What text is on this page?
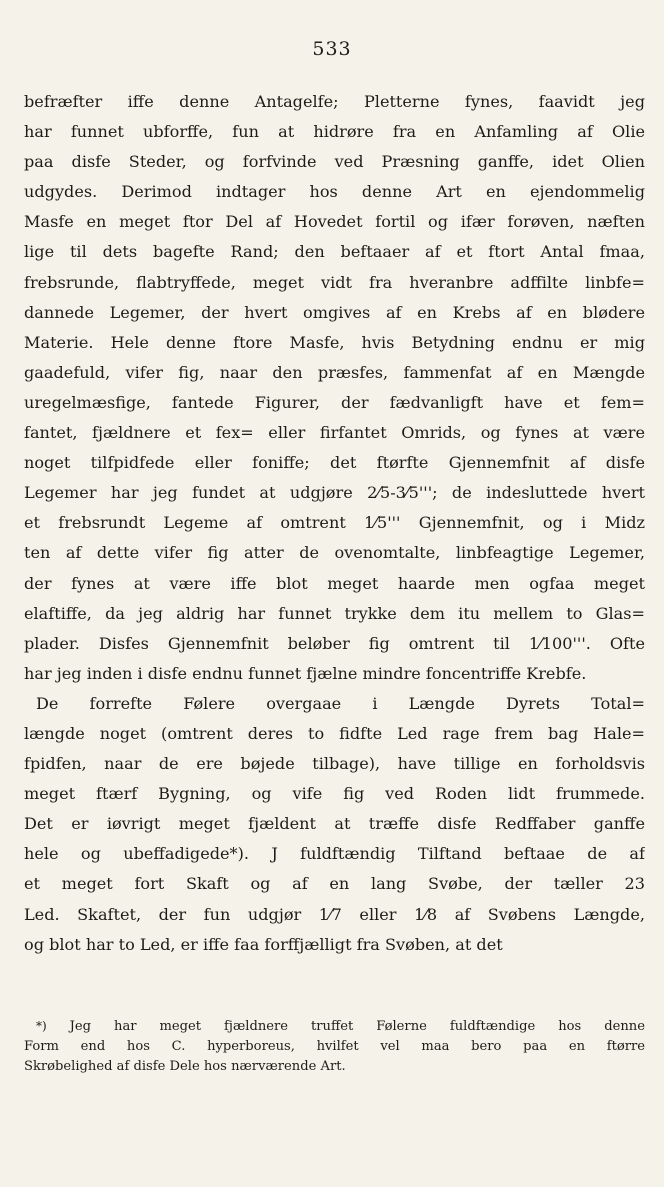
533
befræfter iffe denne Antagelfe; Pletterne fynes, faavidt jeg
har funnet ubforffe, fun at hidrøre fra en Anfamling af Olie
paa disfe Steder, og forfvinde ved Præsning ganffe, idet Olien
udgydes. Derimod indtager hos denne Art en ejendommelig
Masfe en meget ftor Del af Hovedet fortil og ifær forøven, næften
lige til dets bagefte Rand; den beftaaer af et ftort Antal fmaa,
frebsrunde, flabtryffede, meget vidt fra hveranbre adffilte linbfe=
dannede Legemer, der hvert omgives af en Krebs af en blødere
Materie. Hele denne ftore Masfe, hvis Betydning endnu er mig
gaadefuld, vifer fig, naar den præsfes, fammenfat af en Mængde
uregelmæsfige, fantede Figurer, der fædvanligft have et fem=
fantet, fjældnere et fex= eller firfantet Omrids, og fynes at være
noget tilfpidfede eller foniffe; det ftørfte Gjennemfnit af disfe
Legemer har jeg fundet at udgjøre 2⁄5-3⁄5'''; de indesluttede hvert
et frebsrundt Legeme af omtrent 1⁄5''' Gjennemfnit, og i Midz
ten af dette vifer fig atter de ovenomtalte, linbfeagtige Legemer,
der fynes at være iffe blot meget haarde men ogfaa meget
elaftiffe, da jeg aldrig har funnet trykke dem itu mellem to Glas=
plader. Disfes Gjennemfnit beløber fig omtrent til 1⁄100'''. Ofte
har jeg inden i disfe endnu funnet fjælne mindre foncentriffe Krebfe.
De forrefte Følere overgaae i Længde Dyrets Total=
længde noget (omtrent deres to fidfte Led rage frem bag Hale=
fpidfen, naar de ere bøjede tilbage), have tillige en forholdsvis
meget ftærf Bygning, og vife fig ved Roden lidt frummede.
Det er iøvrigt meget fjældent at træffe disfe Redffaber ganffe
hele og ubeffadigede*). J fuldftændig Tilftand beftaae de af
et meget fort Skaft og af en lang Svøbe, der tæller 23
Led. Skaftet, der fun udgjør 1⁄7 eller 1⁄8 af Svøbens Længde,
og blot har to Led, er iffe faa forffjælligt fra Svøben, at det
*) Jeg har meget fjældnere truffet Følerne fuldftændige hos denne
Form end hos C. hyperboreus, hvilfet vel maa bero paa en ftørre
Skrøbelighed af disfe Dele hos nærværende Art.
